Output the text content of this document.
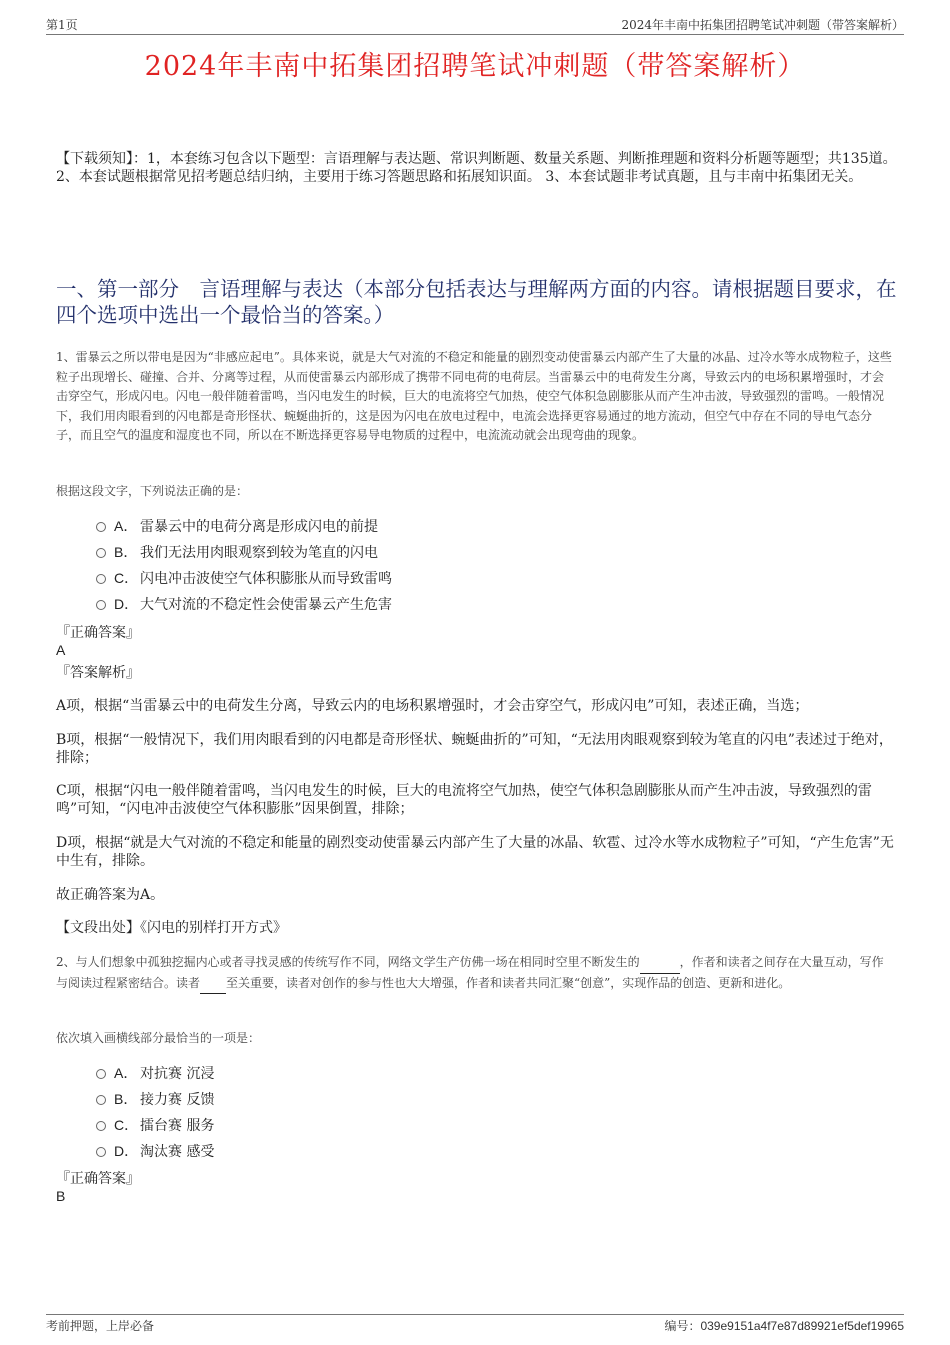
第1页	2024年丰南中拓集团招聘笔试冲刺题（带答案解析）
2024年丰南中拓集团招聘笔试冲刺题（带答案解析）
【下载须知】：1，本套练习包含以下题型：言语理解与表达题、常识判断题、数量关系题、判断推理题和资料分析题等题型；共135道。 2、本套试题根据常见招考题总结归纳，主要用于练习答题思路和拓展知识面。 3、本套试题非考试真题，且与丰南中拓集团无关。
一、第一部分　言语理解与表达（本部分包括表达与理解两方面的内容。请根据题目要求，在四个选项中选出一个最恰当的答案。）
1、雷暴云之所以带电是因为“非感应起电”。具体来说，就是大气对流的不稳定和能量的剧烈变动使雷暴云内部产生了大量的冰晶、过冷水等水成物粒子，这些粒子出现增长、碰撞、合并、分离等过程，从而使雷暴云内部形成了携带不同电荷的电荷层。当雷暴云中的电荷发生分离，导致云内的电场积累增强时，才会击穿空气，形成闪电。闪电一般伴随着雷鸣，当闪电发生的时候，巨大的电流将空气加热，使空气体积急剧膨胀从而产生冲击波，导致强烈的雷鸣。一般情况下，我们用肉眼看到的闪电都是奇形怪状、蜿蜒曲折的，这是因为闪电在放电过程中，电流会选择更容易通过的地方流动，但空气中存在不同的导电气态分子，而且空气的温度和湿度也不同，所以在不断选择更容易导电物质的过程中，电流流动就会出现弯曲的现象。
根据这段文字，下列说法正确的是：
A． 雷暴云中的电荷分离是形成闪电的前提
B． 我们无法用肉眼观察到较为笔直的闪电
C． 闪电冲击波使空气体积膨胀从而导致雷鸣
D． 大气对流的不稳定性会使雷暴云产生危害
『正确答案』
A
『答案解析』
A项，根据“当雷暴云中的电荷发生分离，导致云内的电场积累增强时，才会击穿空气，形成闪电”可知，表述正确，当选；
B项，根据“一般情况下，我们用肉眼看到的闪电都是奇形怪状、蜿蜒曲折的”可知，“无法用肉眼观察到较为笔直的闪电”表述过于绝对，排除；
C项，根据“闪电一般伴随着雷鸣，当闪电发生的时候，巨大的电流将空气加热，使空气体积急剧膨胀从而产生冲击波，导致强烈的雷鸣”可知，“闪电冲击波使空气体积膨胀”因果倒置，排除；
D项，根据“就是大气对流的不稳定和能量的剧烈变动使雷暴云内部产生了大量的冰晶、软雹、过冷水等水成物粒子”可知，“产生危害”无中生有，排除。
故正确答案为A。
【文段出处】《闪电的别样打开方式》
2、与人们想象中孤独挖掘内心或者寻找灵感的传统写作不同，网络文学生产仿佛一场在相同时空里不断发生的	，作者和读者之间存在大量互动，写作与阅读过程紧密结合。读者 至关重要，读者对创作的参与性也大大增强，作者和读者共同汇聚“创意”，实现作品的创造、更新和进化。
依次填入画横线部分最恰当的一项是：
A． 对抗赛 沉浸
B． 接力赛 反馈
C． 擂台赛 服务
D． 淘汰赛 感受
『正确答案』
B
考前押题，上岸必备	编号：039e9151a4f7e87d89921ef5def19965
